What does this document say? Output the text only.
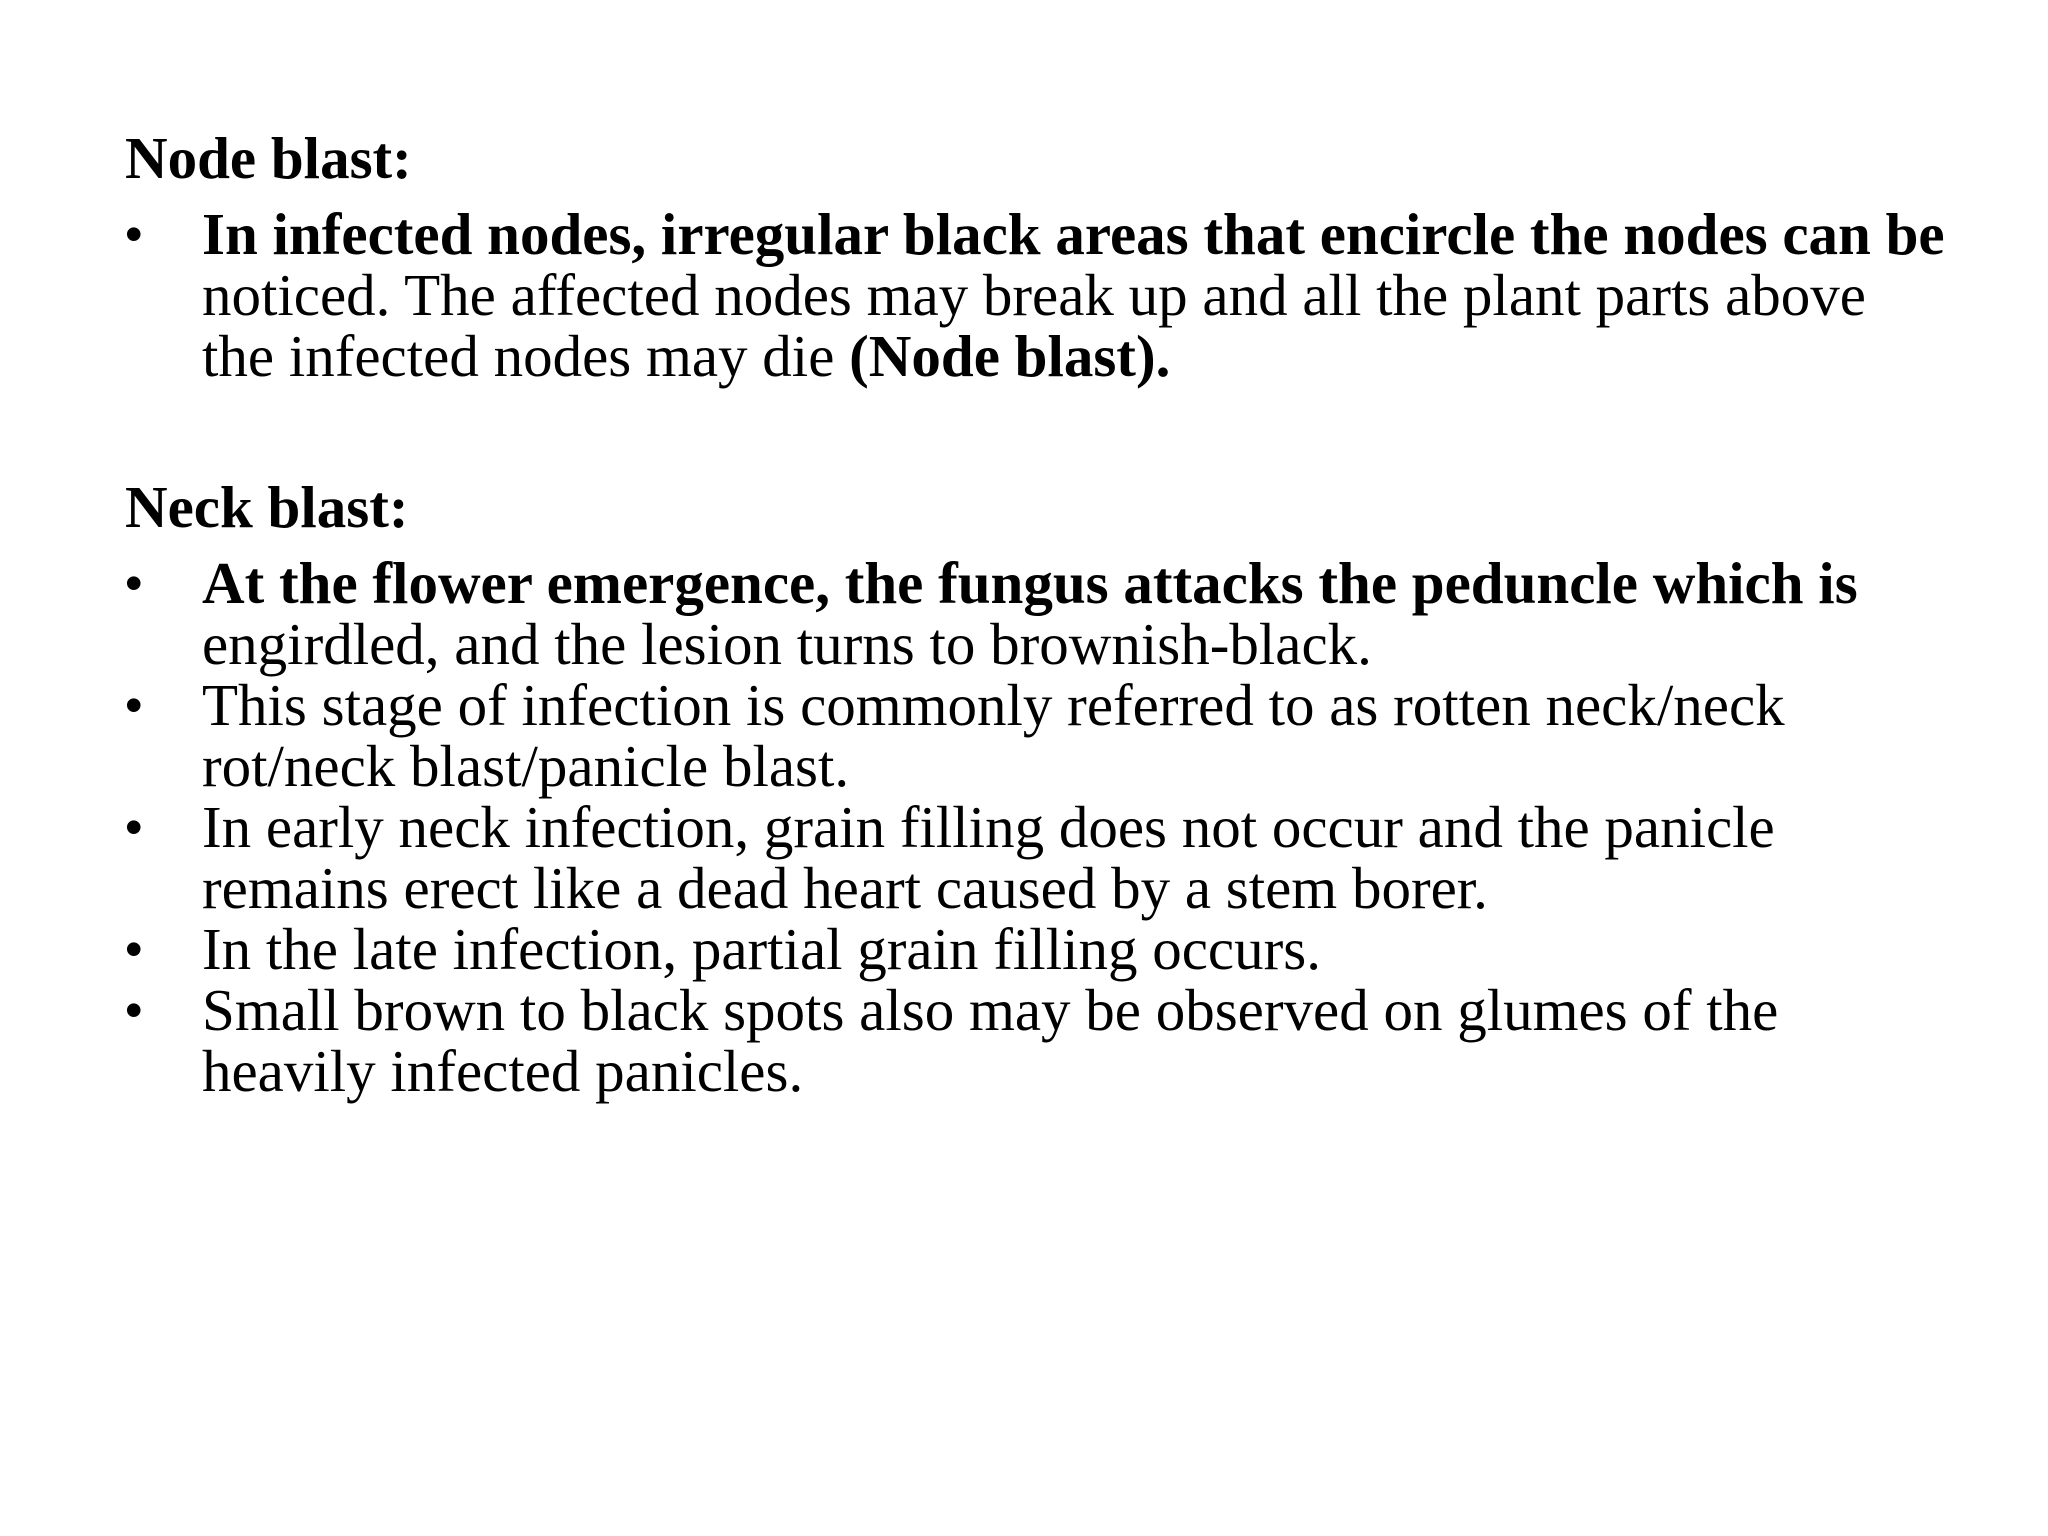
Node blast:

•	In infected nodes, irregular black areas that encircle the nodes can be noticed. The affected nodes may break up and all the plant parts above the infected nodes may die (Node blast).

Neck blast:

•	At the flower emergence, the fungus attacks the peduncle which is engirdled, and the lesion turns to brownish-black.
•	This stage of infection is commonly referred to as rotten neck/neck rot/neck blast/panicle blast.
•	In early neck infection, grain filling does not occur and the panicle remains erect like a dead heart caused by a stem borer.
•	In the late infection, partial grain filling occurs.
•	Small brown to black spots also may be observed on glumes of the heavily infected panicles.
